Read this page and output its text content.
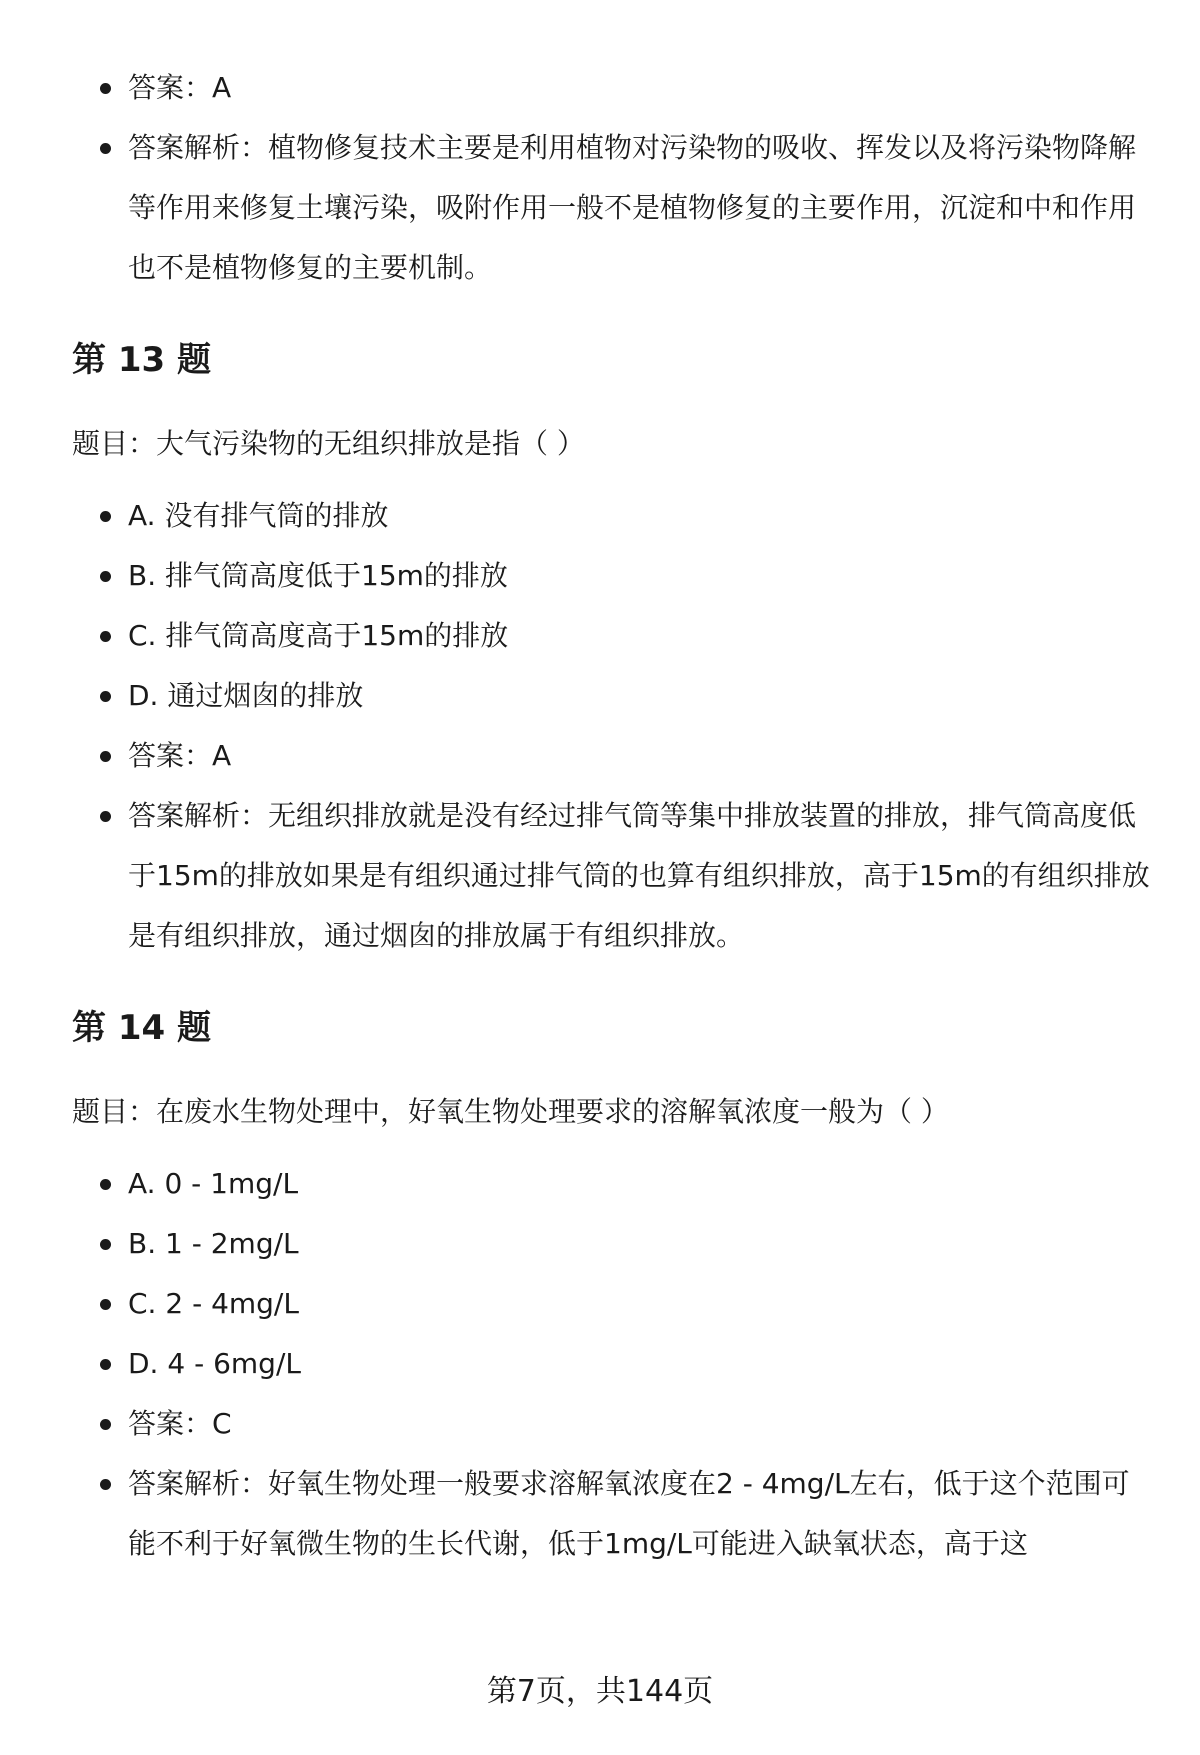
答案：A
答案解析：植物修复技术主要是利用植物对污染物的吸收、挥发以及将污染物降解等作用来修复土壤污染，吸附作用一般不是植物修复的主要作用，沉淀和中和作用也不是植物修复的主要机制。
第 13 题

题目：大气污染物的无组织排放是指（ ）

A. 没有排气筒的排放
B. 排气筒高度低于15m的排放
C. 排气筒高度高于15m的排放
D. 通过烟囱的排放
答案：A
答案解析：无组织排放就是没有经过排气筒等集中排放装置的排放，排气筒高度低于15m的排放如果是有组织通过排气筒的也算有组织排放，高于15m的有组织排放是有组织排放，通过烟囱的排放属于有组织排放。
第 14 题

题目：在废水生物处理中，好氧生物处理要求的溶解氧浓度一般为（ ）

A. 0 - 1mg/L
B. 1 - 2mg/L
C. 2 - 4mg/L
D. 4 - 6mg/L
答案：C
答案解析：好氧生物处理一般要求溶解氧浓度在2 - 4mg/L左右，低于这个范围可能不利于好氧微生物的生长代谢，低于1mg/L可能进入缺氧状态，高于这
第7页，共144页
